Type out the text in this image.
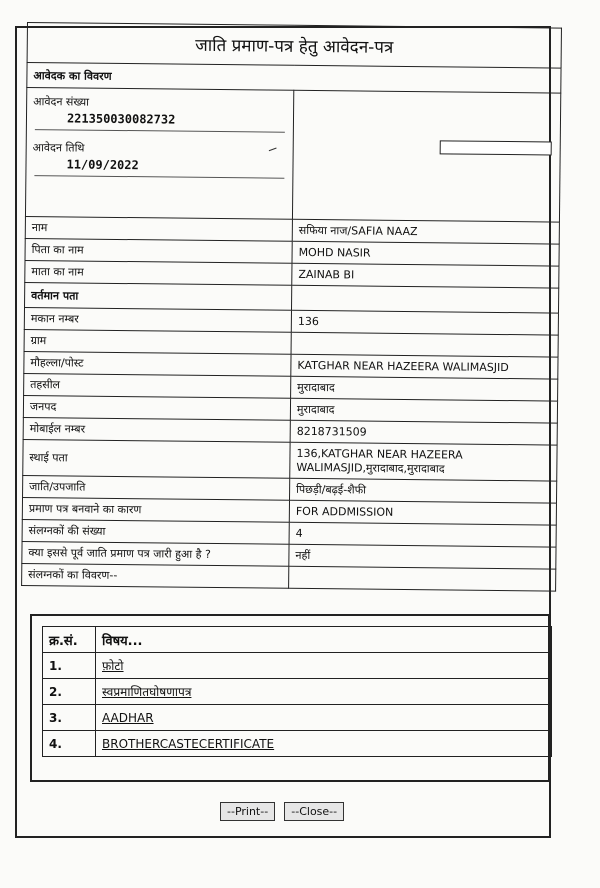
जाति प्रमाण-पत्र हेतु आवेदन-पत्र	
आवेदक का विवरण	

आवेदन संख्या
221350030082732
आवेदन तिथि
11/09/2022	

नाम	सफिया नाज/SAFIA NAAZ
पिता का नाम	MOHD NASIR
माता का नाम	ZAINAB BI
वर्तमान पता	
मकान नम्बर	136
ग्राम	
मौहल्ला/पोस्ट	KATGHAR NEAR HAZEERA WALIMASJID
तहसील	मुरादाबाद
जनपद	मुरादाबाद
मोबाईल नम्बर	8218731509
स्थाई पता	136,KATGHAR NEAR HAZEERA WALIMASJID,मुरादाबाद,मुरादाबाद
जाति/उपजाति	पिछड़ी/बढ़ई-शैफी
प्रमाण पत्र बनवाने का कारण	FOR ADDMISSION
संलग्नकों की संख्या	4
क्या इससे पूर्व जाति प्रमाण पत्र जारी हुआ है ?	नहीं
संलग्नकों का विवरण--	
क्र.सं.	विषय...
1.	फ़ोटो
2.	स्वप्रमाणितघोषणापत्र
3.	AADHAR
4.	BROTHERCASTECERTIFICATE
--Print-- --Close--
